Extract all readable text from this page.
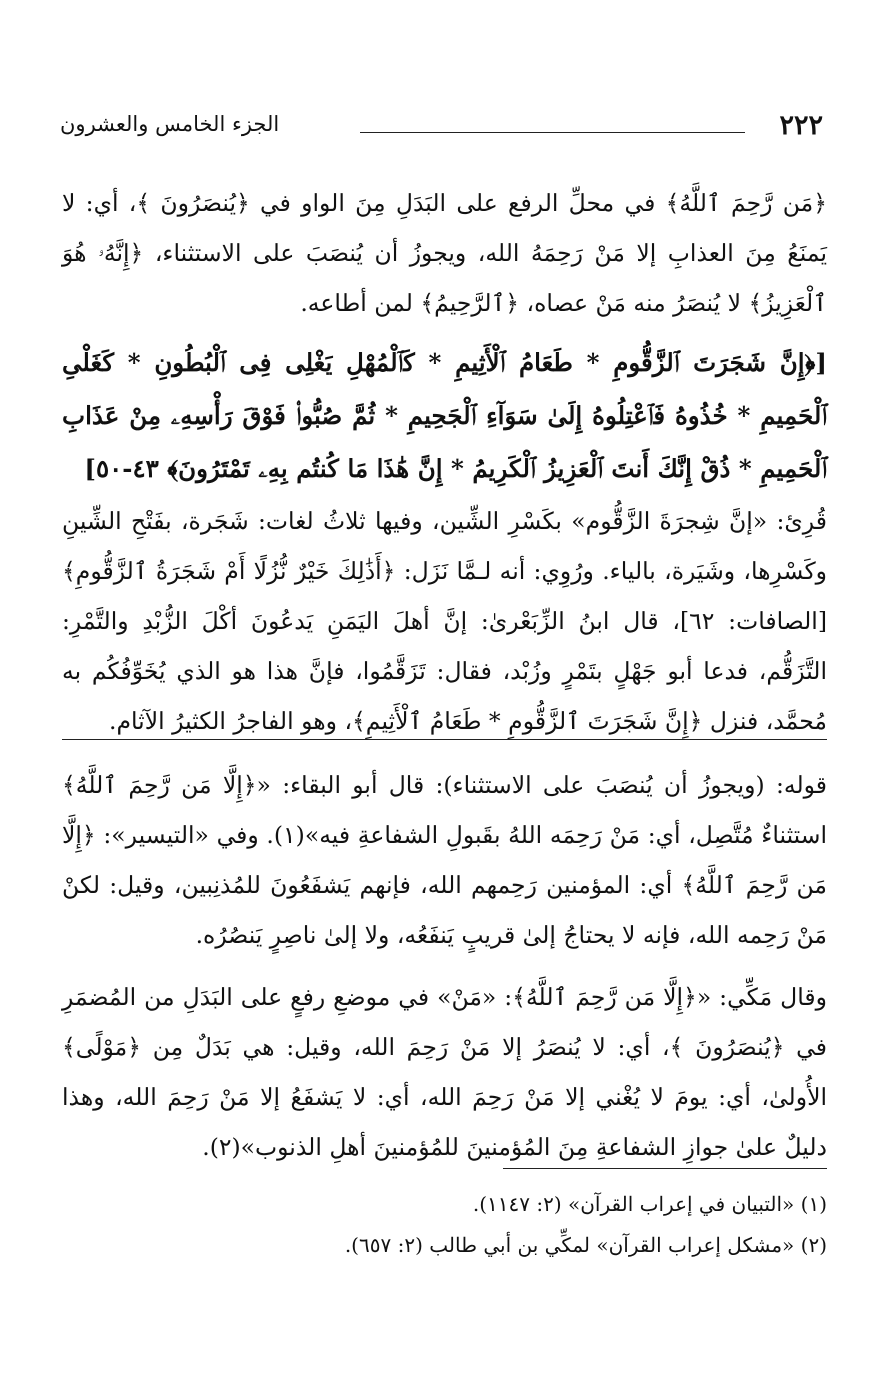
٢٢٢
الجزء الخامس والعشرون

﴿مَن رَّحِمَ ٱللَّهُ﴾ في محلِّ الرفع على البَدَلِ مِنَ الواو في ﴿يُنصَرُونَ ﴾، أي: لا يَمنَعُ مِنَ العذابِ إلا مَنْ رَحِمَهُ الله، ويجوزُ أن يُنصَبَ على الاستثناء، ﴿إِنَّهُۥ هُوَ ٱلْعَزِيزُ﴾ لا يُنصَرُ منه مَنْ عصاه، ﴿ٱلرَّحِيمُ﴾ لمن أطاعه.

[﴿إِنَّ شَجَرَتَ ٱلزَّقُّومِ * طَعَامُ ٱلْأَثِيمِ * كَٱلْمُهْلِ يَغْلِى فِى ٱلْبُطُونِ * كَغَلْىِ ٱلْحَمِيمِ * خُذُوهُ فَٱعْتِلُوهُ إِلَىٰ سَوَآءِ ٱلْجَحِيمِ * ثُمَّ صُبُّوا۟ فَوْقَ رَأْسِهِۦ مِنْ عَذَابِ ٱلْحَمِيمِ * ذُقْ إِنَّكَ أَنتَ ٱلْعَزِيزُ ٱلْكَرِيمُ * إِنَّ هَٰذَا مَا كُنتُم بِهِۦ تَمْتَرُونَ﴾ ٤٣-٥٠]

قُرِئ: «إنَّ شِجرَةَ الزَّقُّوم» بكَسْرِ الشِّين، وفيها ثلاثُ لغات: شَجَرة، بفَتْحِ الشِّينِ وكَسْرِها، وشَيَرة، بالياء. ورُوِي: أنه لـمَّا نَزَل: ﴿أَذَٰلِكَ خَيْرٌ نُّزُلًا أَمْ شَجَرَةُ ٱلزَّقُّومِ﴾ [الصافات: ٦٢]، قال ابنُ الزِّبَعْرىٰ: إنَّ أهلَ اليَمَنِ يَدعُونَ أكْلَ الزُّبْدِ والتَّمْرِ: التَّزَقُّم، فدعا أبو جَهْلٍ بتَمْرٍ وزُبْد، فقال: تَزَقَّمُوا، فإنَّ هذا هو الذي يُخَوِّفُكُم به مُحمَّد، فنزل ﴿إِنَّ شَجَرَتَ ٱلزَّقُّومِ * طَعَامُ ٱلْأَثِيمِ﴾، وهو الفاجرُ الكثيرُ الآثام.

قوله: (ويجوزُ أن يُنصَبَ على الاستثناء): قال أبو البقاء: «﴿إِلَّا مَن رَّحِمَ ٱللَّهُ﴾ استثناءٌ مُتَّصِل، أي: مَنْ رَحِمَه اللهُ بقَبولِ الشفاعةِ فيه»(١). وفي «التيسير»: ﴿إِلَّا مَن رَّحِمَ ٱللَّهُ﴾ أي: المؤمنين رَحِمهم الله، فإنهم يَشفَعُونَ للمُذنِبين، وقيل: لكنْ مَنْ رَحِمه الله، فإنه لا يحتاجُ إلىٰ قريبٍ يَنفَعُه، ولا إلىٰ ناصِرٍ يَنصُرُه.

وقال مَكِّي: «﴿إِلَّا مَن رَّحِمَ ٱللَّهُ﴾: «مَنْ» في موضعِ رفعٍ على البَدَلِ من المُضمَرِ في ﴿يُنصَرُونَ ﴾، أي: لا يُنصَرُ إلا مَنْ رَحِمَ الله، وقيل: هي بَدَلٌ مِن ﴿مَوْلًى﴾ الأُولىٰ، أي: يومَ لا يُغْني إلا مَنْ رَحِمَ الله، أي: لا يَشفَعُ إلا مَنْ رَحِمَ الله، وهذا دليلٌ علىٰ جوازِ الشفاعةِ مِنَ المُؤمنينَ للمُؤمنينَ أهلِ الذنوب»(٢).

(١) «التبيان في إعراب القرآن» (٢: ١١٤٧).

(٢) «مشكل إعراب القرآن» لمكِّي بن أبي طالب (٢: ٦٥٧).
